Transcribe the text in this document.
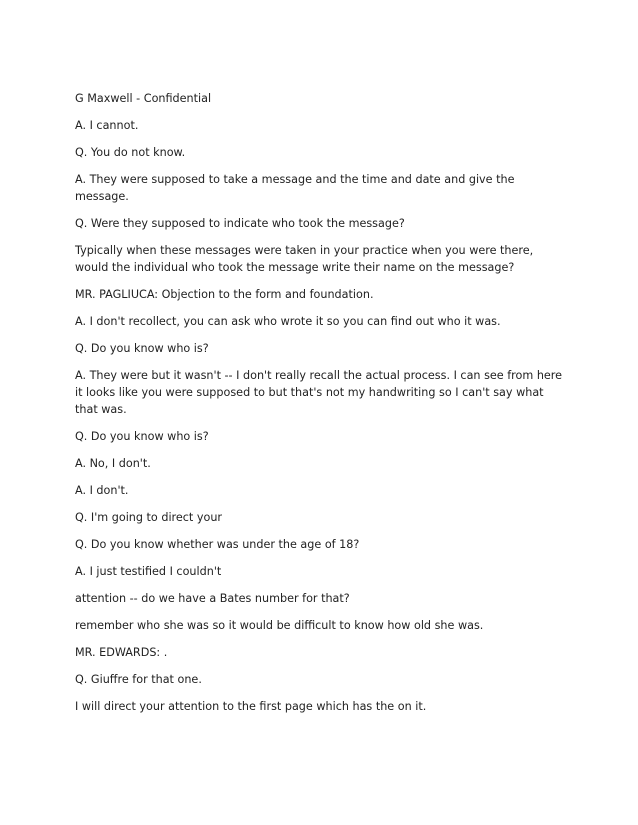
G Maxwell - Confidential

A. I cannot.

Q. You do not know.

A. They were supposed to take a message and the time and date and give the message.

Q. Were they supposed to indicate who took the message?

Typically when these messages were taken in your practice when you were there, would the individual who took the message write their name on the message?

MR. PAGLIUCA: Objection to the form and foundation.

A. I don't recollect, you can ask who wrote it so you can find out who it was.

Q. Do you know who is?

A. They were but it wasn't -- I don't really recall the actual process. I can see from here it looks like you were supposed to but that's not my handwriting so I can't say what that was.

Q. Do you know who is?

A. No, I don't.

A. I don't.

Q. I'm going to direct your

Q. Do you know whether was under the age of 18?

A. I just testified I couldn't

attention -- do we have a Bates number for that?

remember who she was so it would be difficult to know how old she was.

MR. EDWARDS: .

Q. Giuffre for that one.

I will direct your attention to the first page which has the on it.
